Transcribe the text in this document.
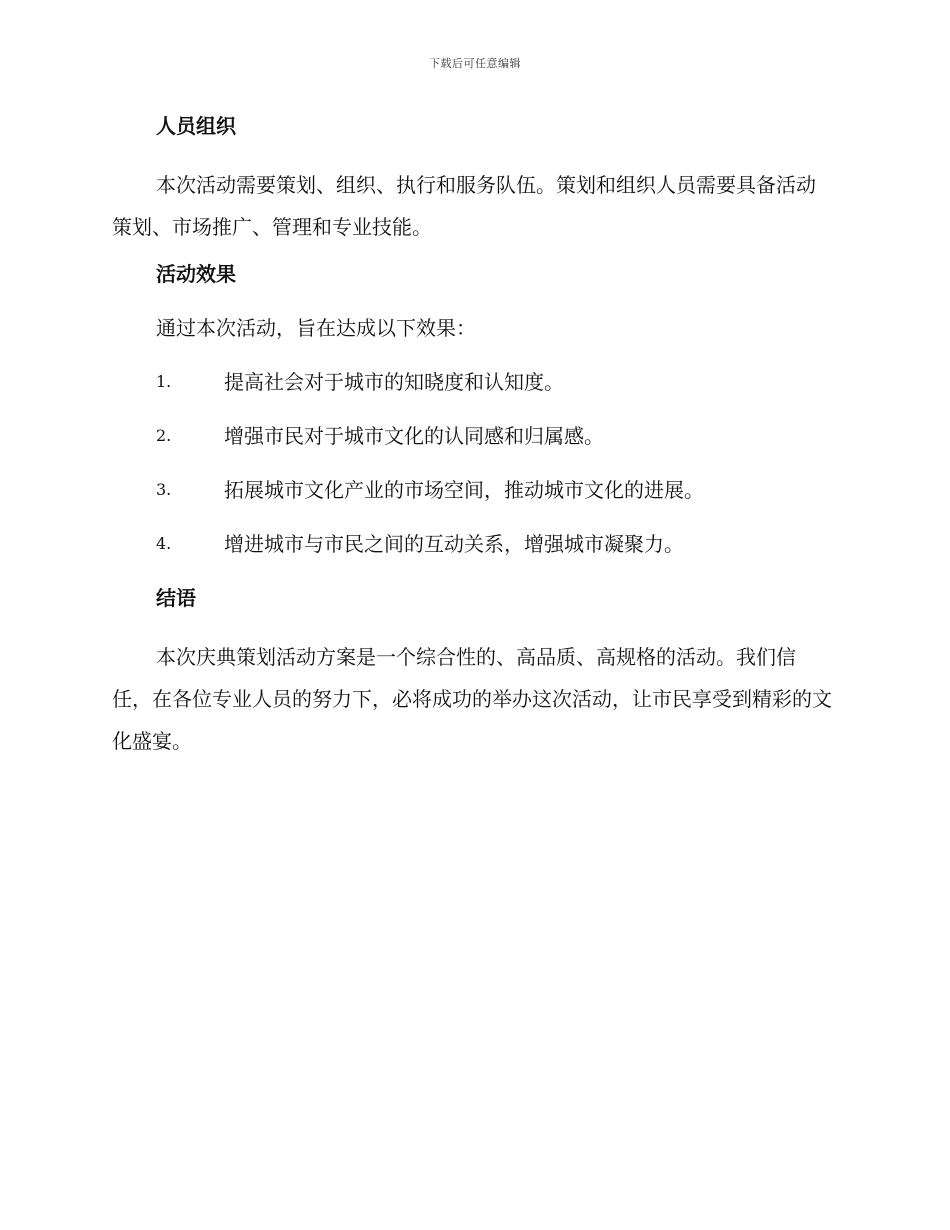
下载后可任意编辑
人员组织

本次活动需要策划、组织、执行和服务队伍。策划和组织人员需要具备活动策划、市场推广、管理和专业技能。

活动效果
通过本次活动，旨在达成以下效果：
1.	提高社会对于城市的知晓度和认知度。
2.	增强市民对于城市文化的认同感和归属感。
3.	拓展城市文化产业的市场空间，推动城市文化的进展。
4.	增进城市与市民之间的互动关系，增强城市凝聚力。
结语

本次庆典策划活动方案是一个综合性的、高品质、高规格的活动。我们信任，在各位专业人员的努力下，必将成功的举办这次活动，让市民享受到精彩的文化盛宴。
